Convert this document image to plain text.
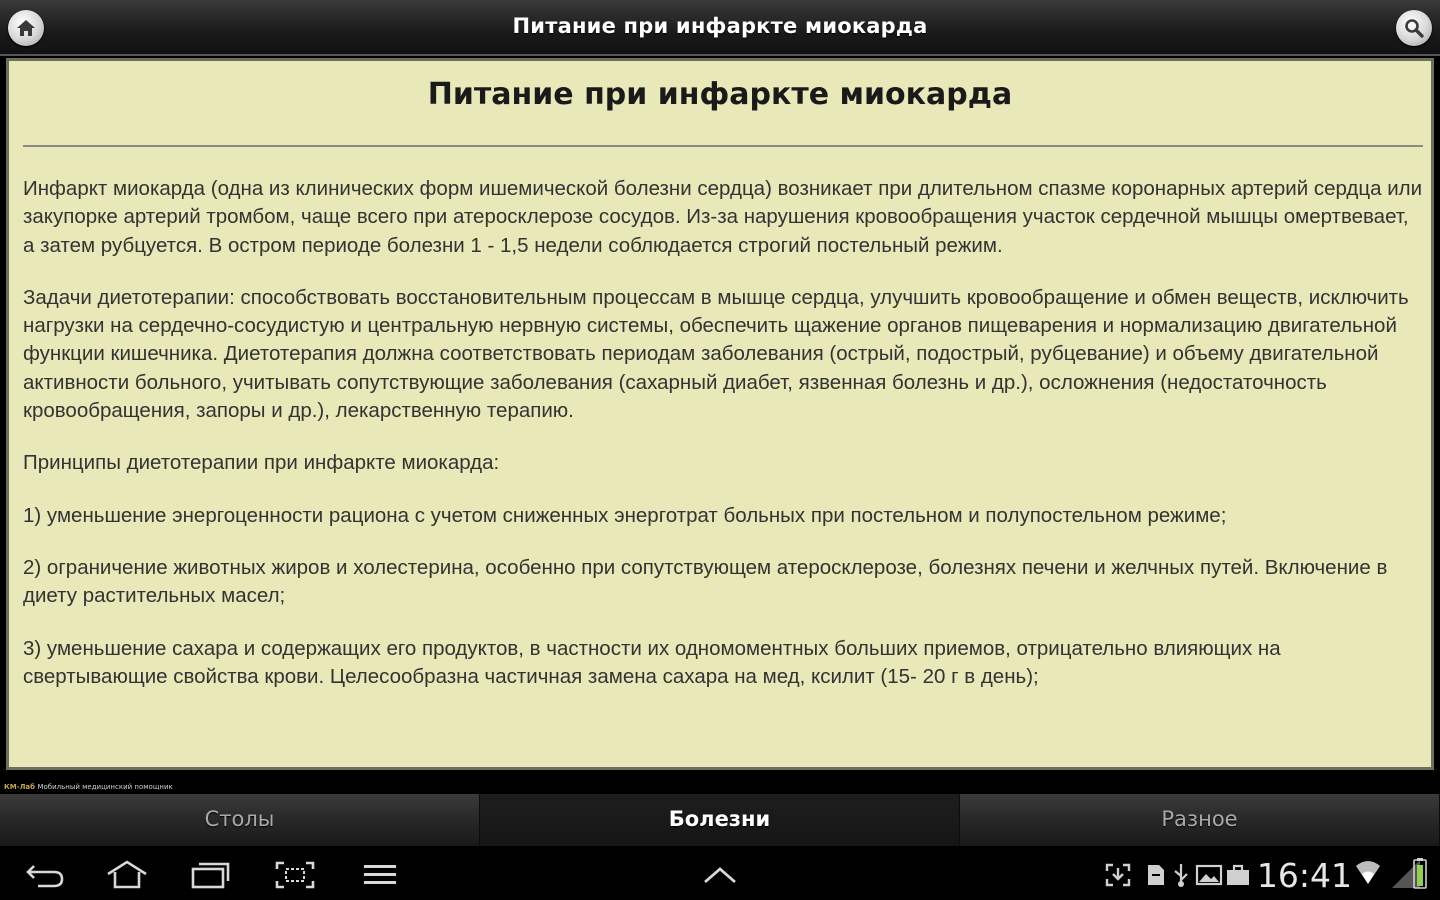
Питание при инфаркте миокарда
Питание при инфаркте миокарда

Инфаркт миокарда (одна из клинических форм ишемической болезни сердца) возникает при длительном спазме коронарных артерий сердца или закупорке артерий тромбом, чаще всего при атеросклерозе сосудов. Из-за нарушения кровообращения участок сердечной мышцы омертвевает, а затем рубцуется. В остром периоде болезни 1 - 1,5 недели соблюдается строгий постельный режим.

Задачи диетотерапии: способствовать восстановительным процессам в мышце сердца, улучшить кровообращение и обмен веществ, исключить нагрузки на сердечно-сосудистую и центральную нервную системы, обеспечить щажение органов пищеварения и нормализацию двигательной функции кишечника. Диетотерапия должна соответствовать периодам заболевания (острый, подострый, рубцевание) и объему двигательной активности больного, учитывать сопутствующие заболевания (сахарный диабет, язвенная болезнь и др.), осложнения (недостаточность кровообращения, запоры и др.), лекарственную терапию.

Принципы диетотерапии при инфаркте миокарда:

1) уменьшение энергоценности рациона с учетом сниженных энерготрат больных при постельном и полупостельном режиме;

2) ограничение животных жиров и холестерина, особенно при сопутствующем атеросклерозе, болезнях печени и желчных путей. Включение в диету растительных масел;

3) уменьшение сахара и содержащих его продуктов, в частности их одномоментных больших приемов, отрицательно влияющих на свертывающие свойства крови. Целесообразна частичная замена сахара на мед, ксилит (15- 20 г в день);

КМ-Лаб Мобильный медицинский помощник
Столы	Болезни	Разное
16:41
